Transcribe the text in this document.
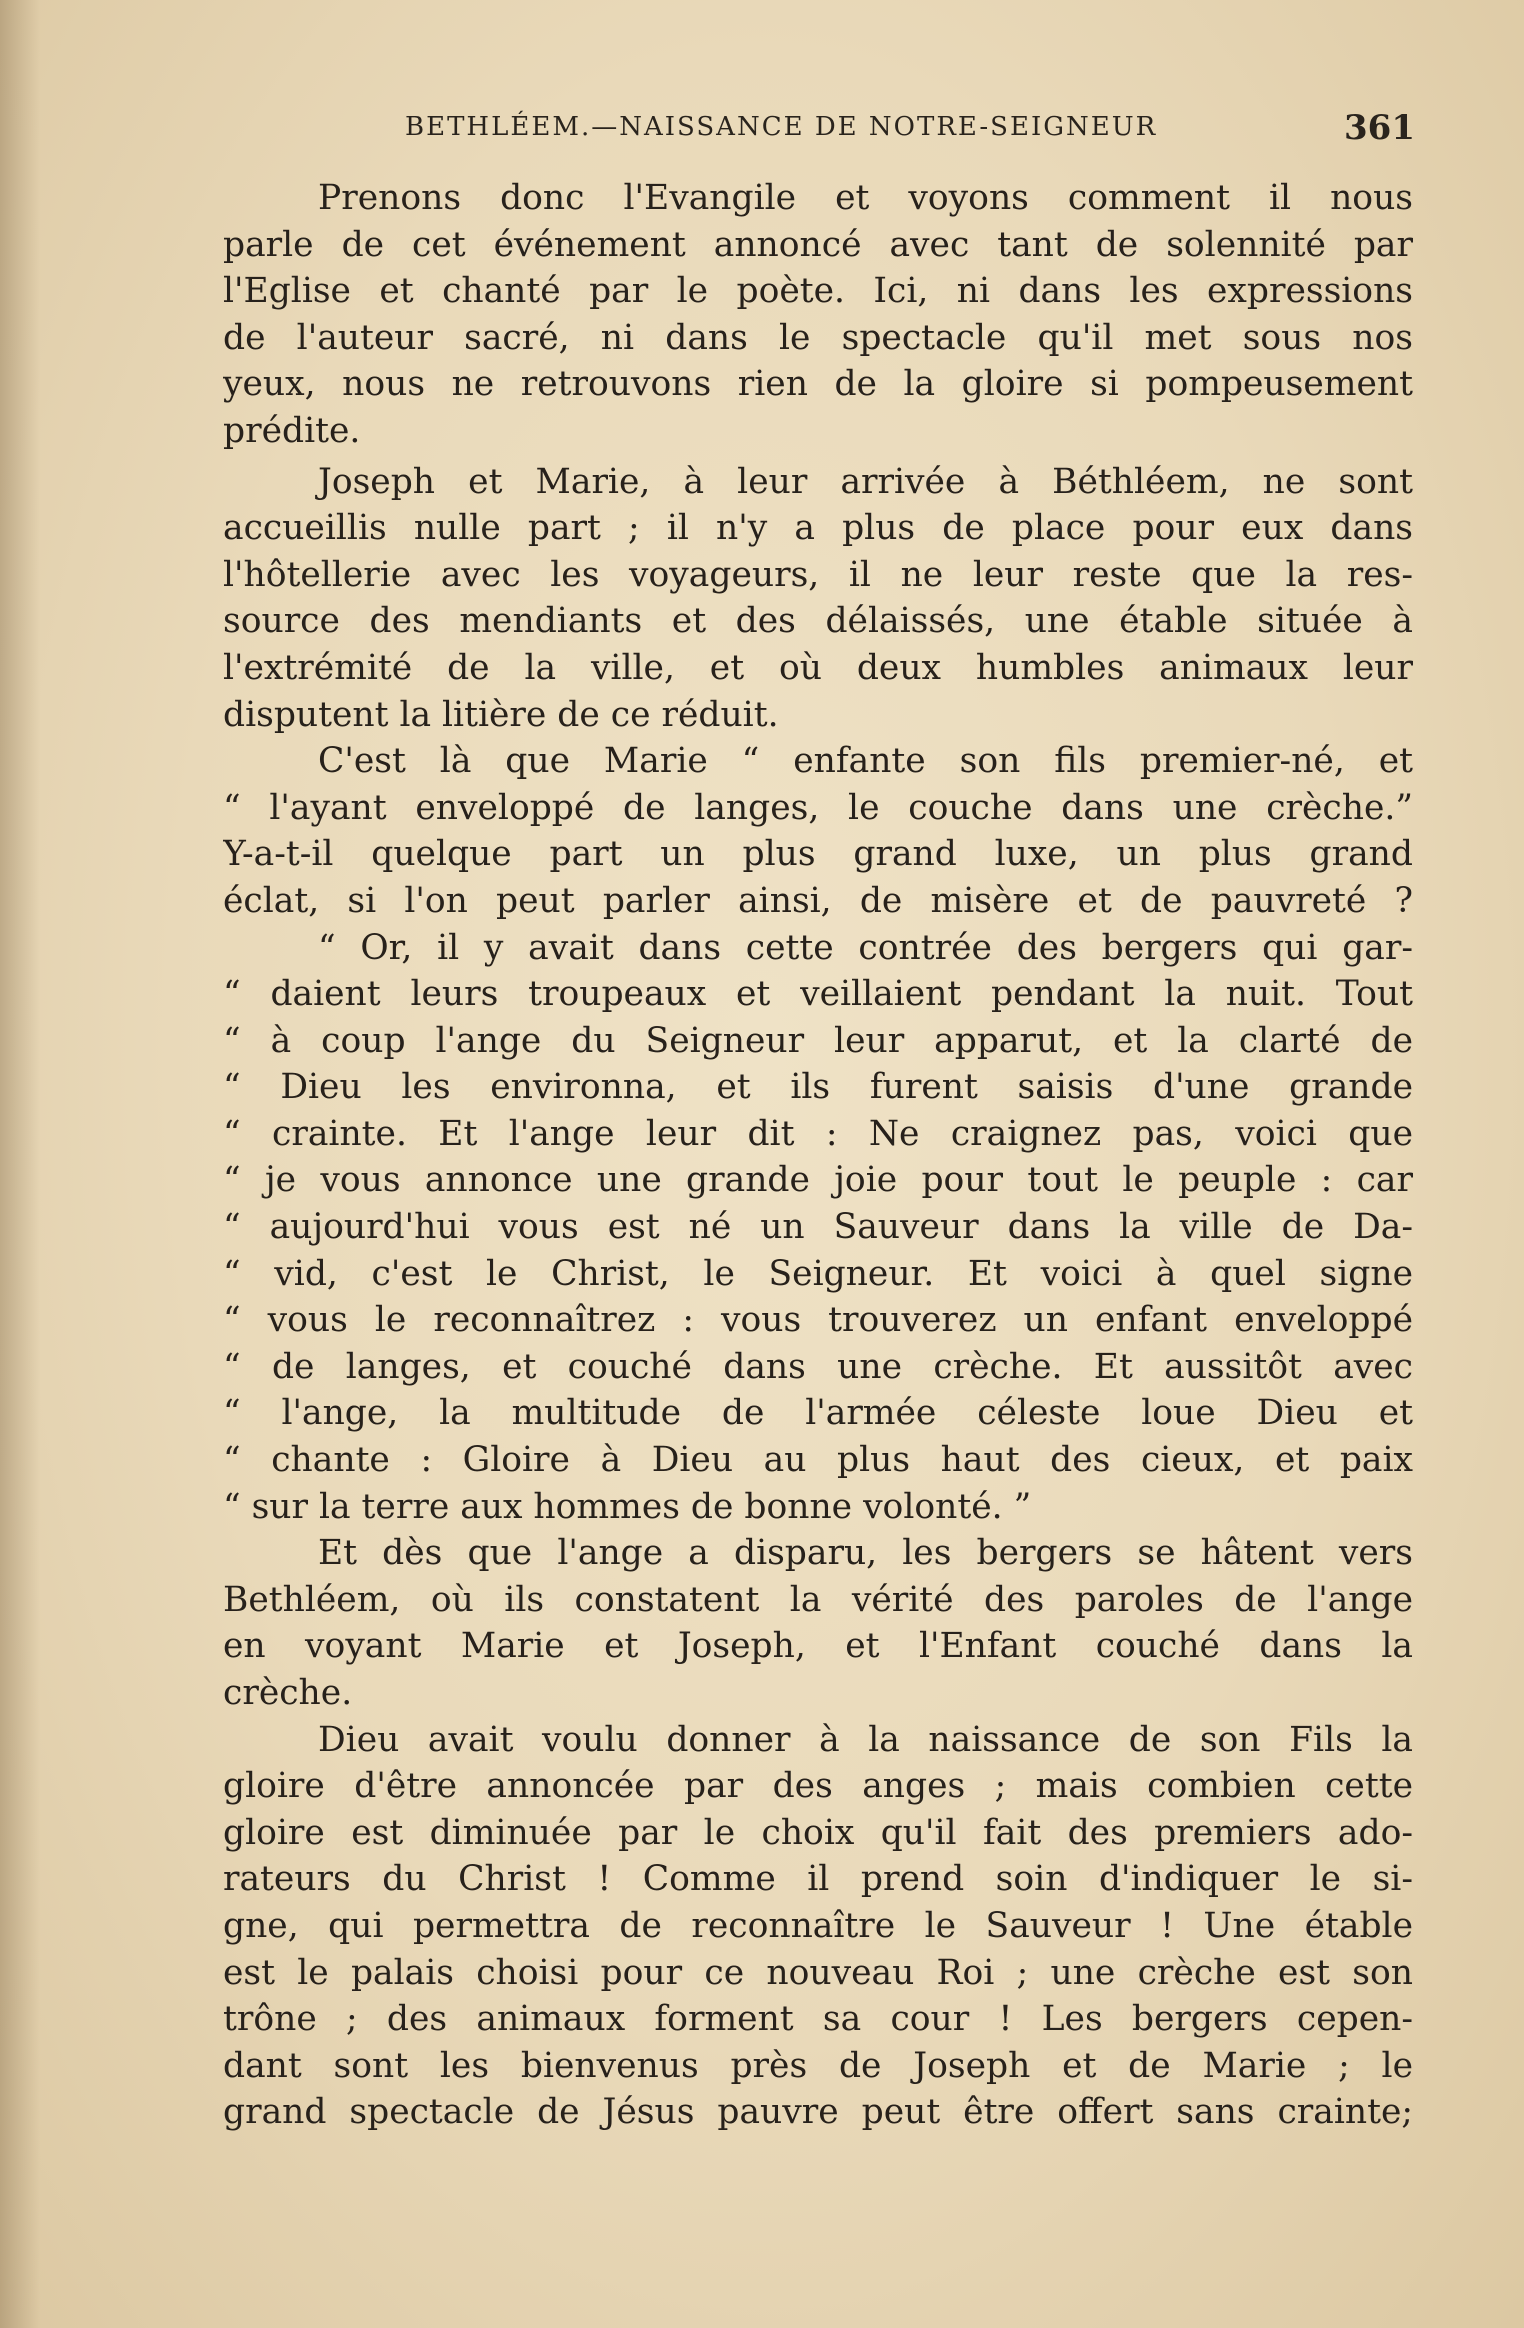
BETHLÉEM.—NAISSANCE DE NOTRE-SEIGNEUR	361
Prenons donc l'Evangile et voyons comment il nous
parle de cet événement annoncé avec tant de solennité par
l'Eglise et chanté par le poète. Ici, ni dans les expressions
de l'auteur sacré, ni dans le spectacle qu'il met sous nos
yeux, nous ne retrouvons rien de la gloire si pompeusement
prédite.
Joseph et Marie, à leur arrivée à Béthléem, ne sont
accueillis nulle part ; il n'y a plus de place pour eux dans
l'hôtellerie avec les voyageurs, il ne leur reste que la res-
source des mendiants et des délaissés, une étable située à
l'extrémité de la ville, et où deux humbles animaux leur
disputent la litière de ce réduit.
C'est là que Marie “ enfante son fils premier-né, et
“ l'ayant enveloppé de langes, le couche dans une crèche.”
Y-a-t-il quelque part un plus grand luxe, un plus grand
éclat, si l'on peut parler ainsi, de misère et de pauvreté ?
“ Or, il y avait dans cette contrée des bergers qui gar-
“ daient leurs troupeaux et veillaient pendant la nuit. Tout
“ à coup l'ange du Seigneur leur apparut, et la clarté de
“ Dieu les environna, et ils furent saisis d'une grande
“ crainte. Et l'ange leur dit : Ne craignez pas, voici que
“ je vous annonce une grande joie pour tout le peuple : car
“ aujourd'hui vous est né un Sauveur dans la ville de Da-
“ vid, c'est le Christ, le Seigneur. Et voici à quel signe
“ vous le reconnaîtrez : vous trouverez un enfant enveloppé
“ de langes, et couché dans une crèche. Et aussitôt avec
“ l'ange, la multitude de l'armée céleste loue Dieu et
“ chante : Gloire à Dieu au plus haut des cieux, et paix
“ sur la terre aux hommes de bonne volonté. ”
Et dès que l'ange a disparu, les bergers se hâtent vers
Bethléem, où ils constatent la vérité des paroles de l'ange
en voyant Marie et Joseph, et l'Enfant couché dans la
crèche.
Dieu avait voulu donner à la naissance de son Fils la
gloire d'être annoncée par des anges ; mais combien cette
gloire est diminuée par le choix qu'il fait des premiers ado-
rateurs du Christ ! Comme il prend soin d'indiquer le si-
gne, qui permettra de reconnaître le Sauveur ! Une étable
est le palais choisi pour ce nouveau Roi ; une crèche est son
trône ; des animaux forment sa cour ! Les bergers cepen-
dant sont les bienvenus près de Joseph et de Marie ; le
grand spectacle de Jésus pauvre peut être offert sans crainte;
